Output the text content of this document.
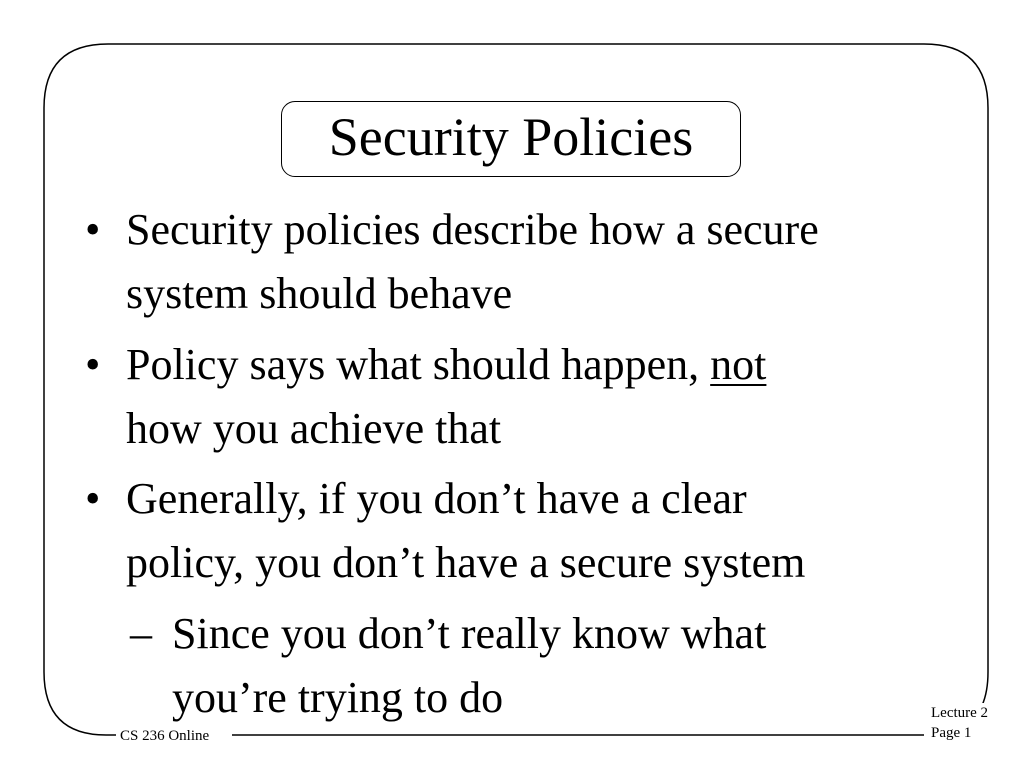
Security Policies
• Security policies describe how a secure
system should behave
• Policy says what should happen, not
how you achieve that
• Generally, if you don’t have a clear
policy, you don’t have a secure system
– Since you don’t really know what
you’re trying to do
CS 236 Online
Lecture 2
Page 1
